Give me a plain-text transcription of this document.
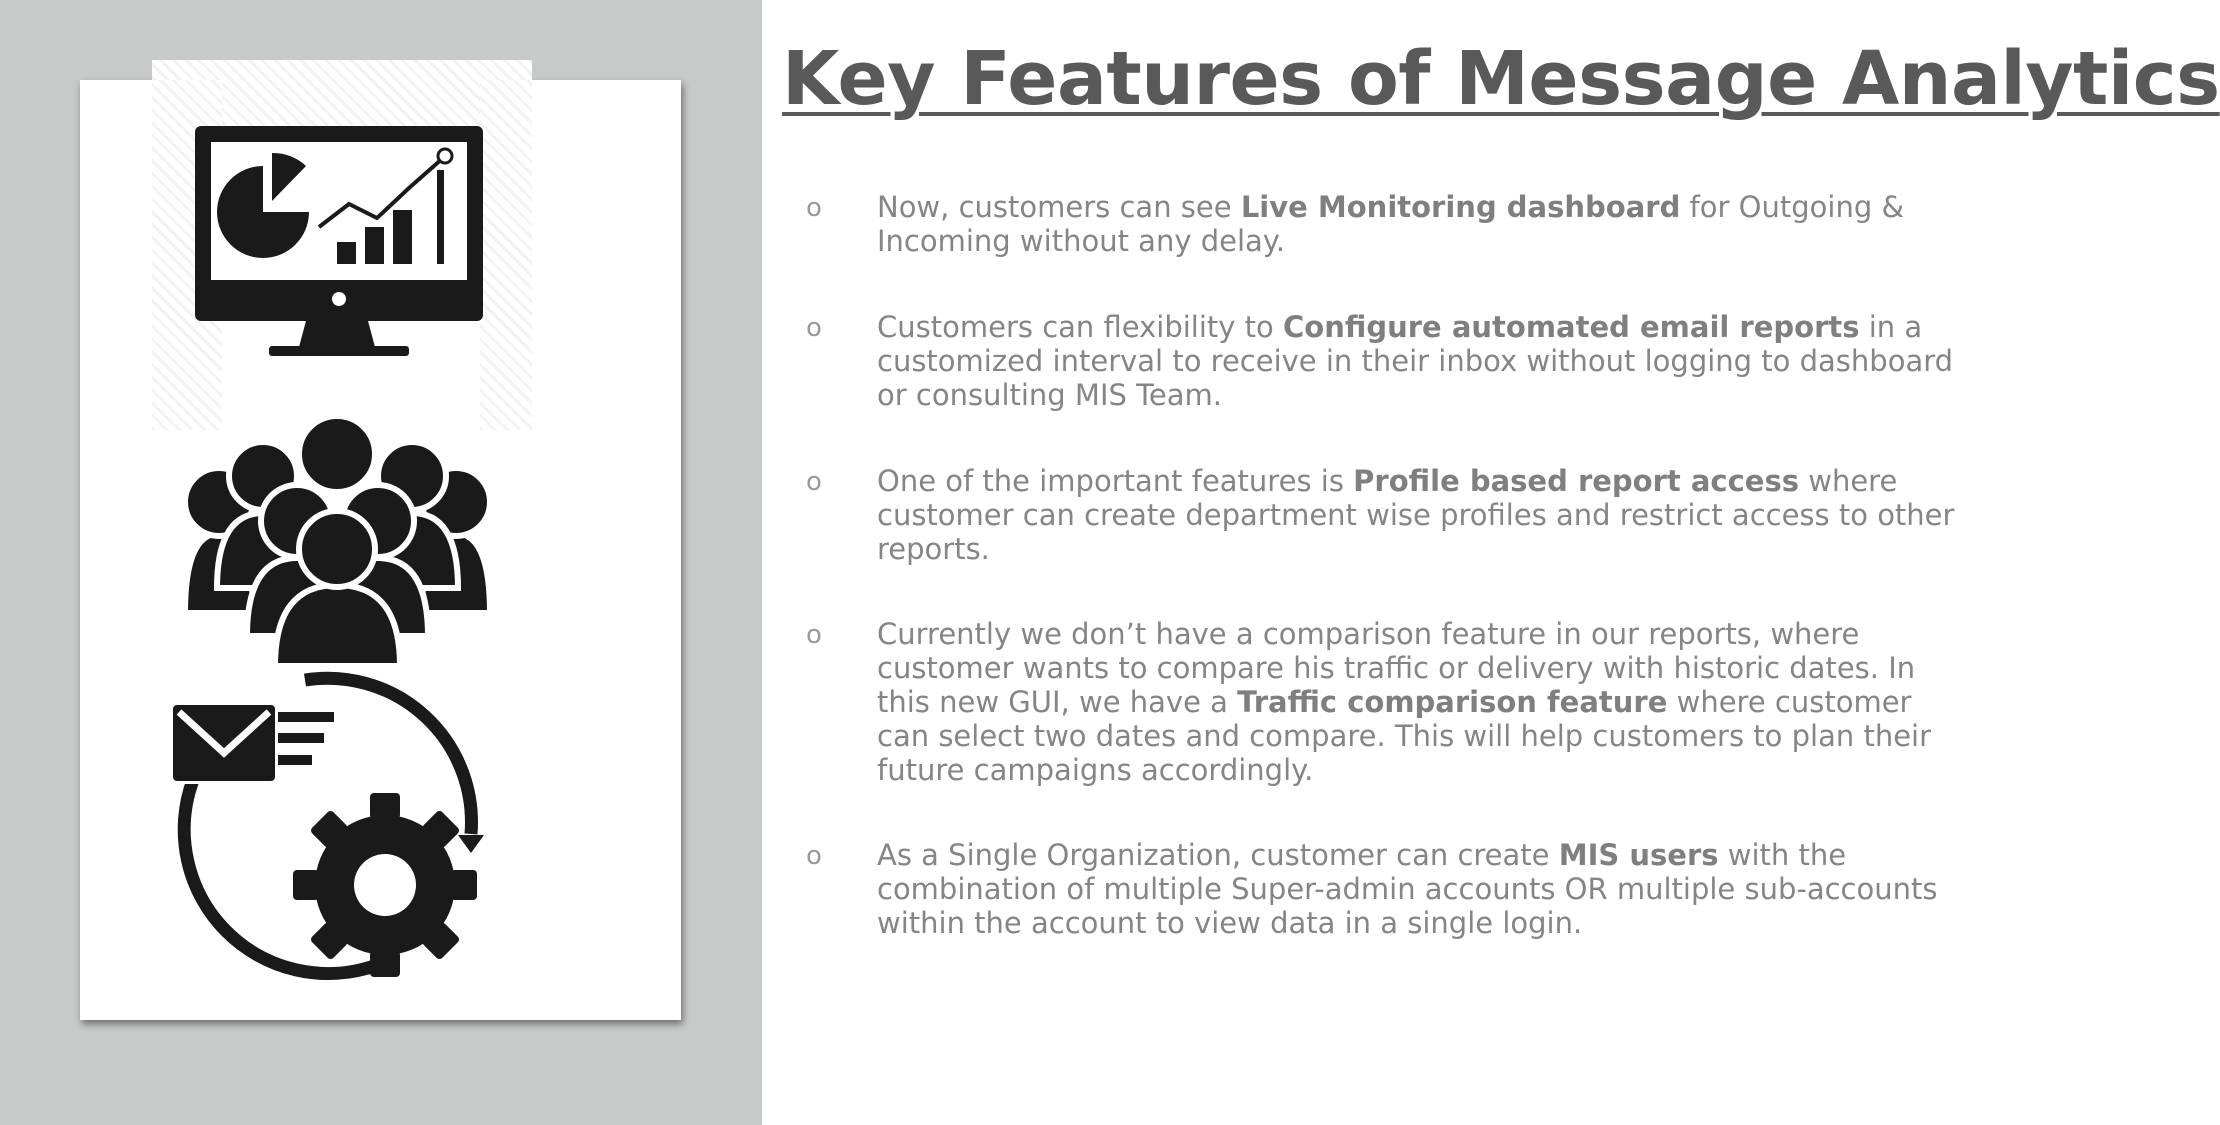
Key Features of Message Analytics
o Now, customers can see Live Monitoring dashboard for Outgoing & Incoming without any delay.
o Customers can flexibility to Configure automated email reports in a customized interval to receive in their inbox without logging to dashboard or consulting MIS Team.
o One of the important features is Profile based report access where customer can create department wise profiles and restrict access to other reports.
o Currently we don’t have a comparison feature in our reports, where customer wants to compare his traffic or delivery with historic dates. In this new GUI, we have a Traffic comparison feature where customer can select two dates and compare. This will help customers to plan their future campaigns accordingly.
o As a Single Organization, customer can create MIS users with the combination of multiple Super-admin accounts OR multiple sub-accounts within the account to view data in a single login.
